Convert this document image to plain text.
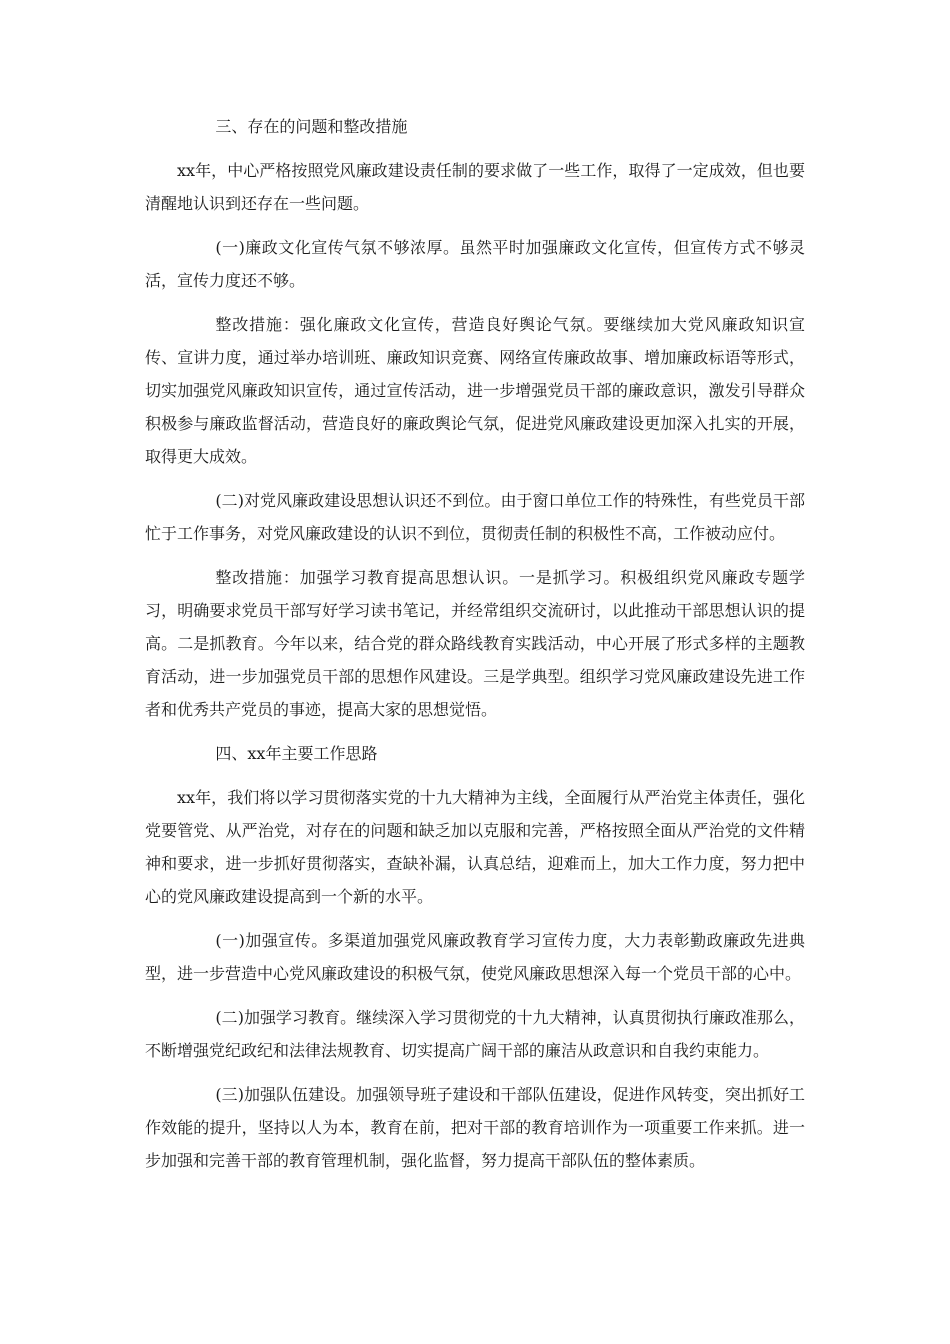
三、存在的问题和整改措施

xx年，中心严格按照党风廉政建设责任制的要求做了一些工作，取得了一定成效，但也要清醒地认识到还存在一些问题。

(一)廉政文化宣传气氛不够浓厚。虽然平时加强廉政文化宣传，但宣传方式不够灵活，宣传力度还不够。

整改措施：强化廉政文化宣传，营造良好舆论气氛。要继续加大党风廉政知识宣传、宣讲力度，通过举办培训班、廉政知识竞赛、网络宣传廉政故事、增加廉政标语等形式，切实加强党风廉政知识宣传，通过宣传活动，进一步增强党员干部的廉政意识，激发引导群众积极参与廉政监督活动，营造良好的廉政舆论气氛，促进党风廉政建设更加深入扎实的开展，取得更大成效。

(二)对党风廉政建设思想认识还不到位。由于窗口单位工作的特殊性，有些党员干部忙于工作事务，对党风廉政建设的认识不到位，贯彻责任制的积极性不高，工作被动应付。

整改措施：加强学习教育提高思想认识。一是抓学习。积极组织党风廉政专题学习，明确要求党员干部写好学习读书笔记，并经常组织交流研讨，以此推动干部思想认识的提高。二是抓教育。今年以来，结合党的群众路线教育实践活动，中心开展了形式多样的主题教育活动，进一步加强党员干部的思想作风建设。三是学典型。组织学习党风廉政建设先进工作者和优秀共产党员的事迹，提高大家的思想觉悟。

四、xx年主要工作思路

xx年，我们将以学习贯彻落实党的十九大精神为主线，全面履行从严治党主体责任，强化党要管党、从严治党，对存在的问题和缺乏加以克服和完善，严格按照全面从严治党的文件精神和要求，进一步抓好贯彻落实，查缺补漏，认真总结，迎难而上，加大工作力度，努力把中心的党风廉政建设提高到一个新的水平。

(一)加强宣传。多渠道加强党风廉政教育学习宣传力度，大力表彰勤政廉政先进典型，进一步营造中心党风廉政建设的积极气氛，使党风廉政思想深入每一个党员干部的心中。

(二)加强学习教育。继续深入学习贯彻党的十九大精神，认真贯彻执行廉政准那么，不断增强党纪政纪和法律法规教育、切实提高广阔干部的廉洁从政意识和自我约束能力。

(三)加强队伍建设。加强领导班子建设和干部队伍建设，促进作风转变，突出抓好工作效能的提升，坚持以人为本，教育在前，把对干部的教育培训作为一项重要工作来抓。进一步加强和完善干部的教育管理机制，强化监督，努力提高干部队伍的整体素质。
